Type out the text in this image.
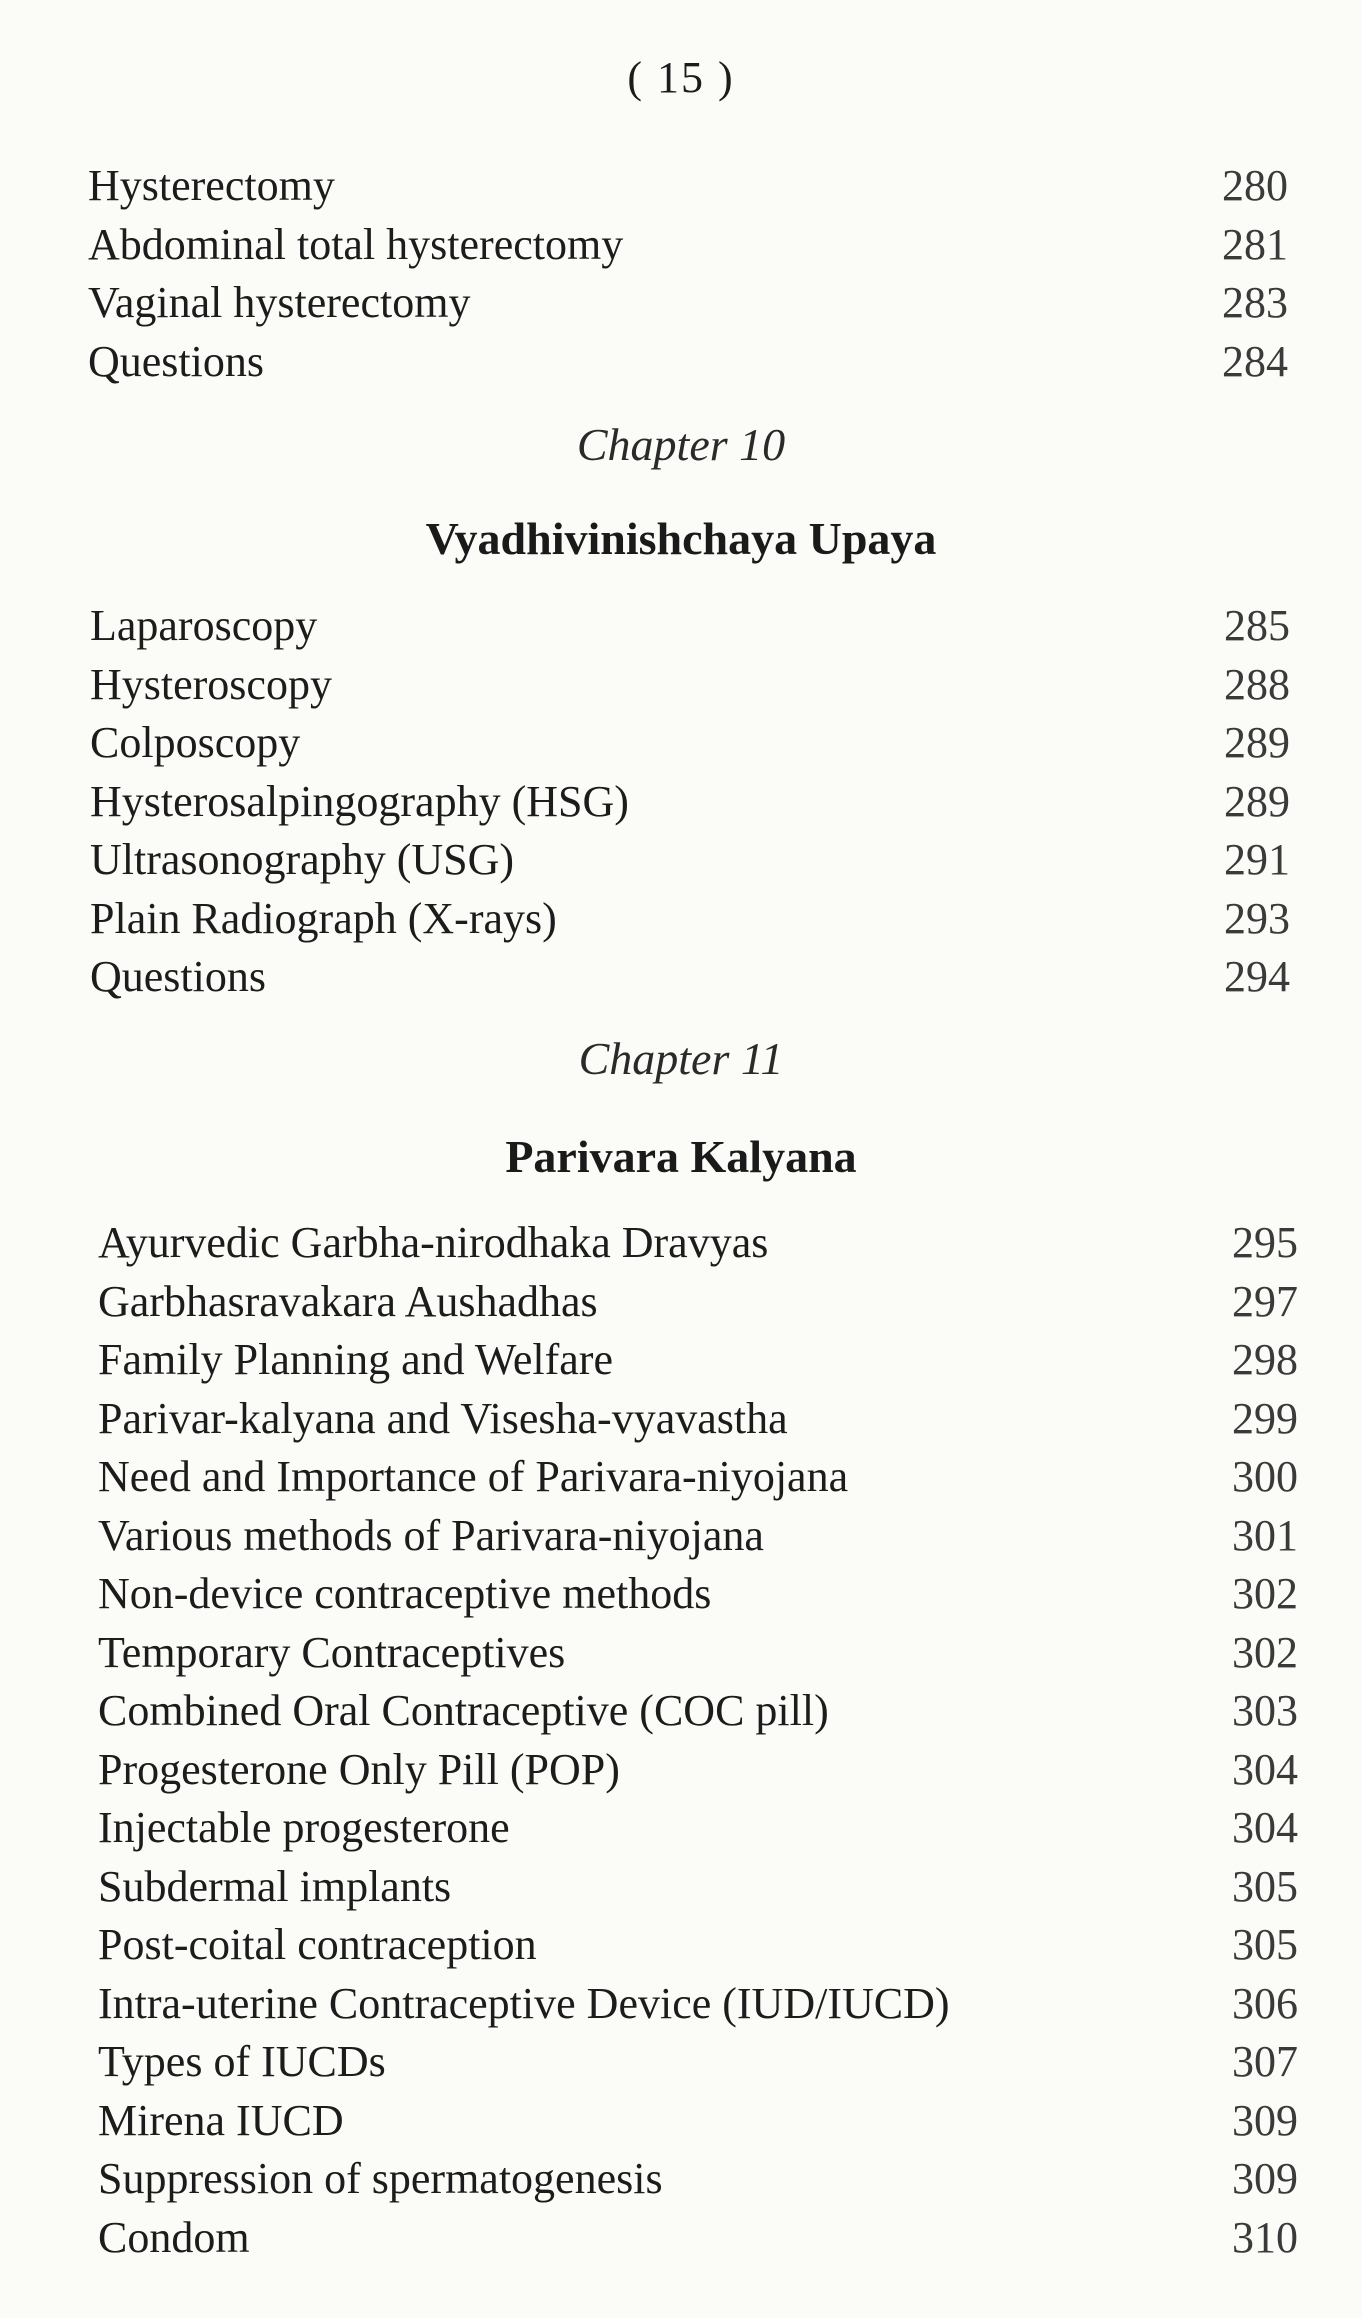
( 15 )
Hysterectomy	280
Abdominal total hysterectomy	281
Vaginal hysterectomy	283
Questions	284
Chapter 10
Vyadhivinishchaya Upaya
Laparoscopy	285
Hysteroscopy	288
Colposcopy	289
Hysterosalpingography (HSG)	289
Ultrasonography (USG)	291
Plain Radiograph (X-rays)	293
Questions	294
Chapter 11
Parivara Kalyana
Ayurvedic Garbha-nirodhaka Dravyas	295
Garbhasravakara Aushadhas	297
Family Planning and Welfare	298
Parivar-kalyana and Visesha-vyavastha	299
Need and Importance of Parivara-niyojana	300
Various methods of Parivara-niyojana	301
Non-device contraceptive methods	302
Temporary Contraceptives	302
Combined Oral Contraceptive (COC pill)	303
Progesterone Only Pill (POP)	304
Injectable progesterone	304
Subdermal implants	305
Post-coital contraception	305
Intra-uterine Contraceptive Device (IUD/IUCD)	306
Types of IUCDs	307
Mirena IUCD	309
Suppression of spermatogenesis	309
Condom	310
